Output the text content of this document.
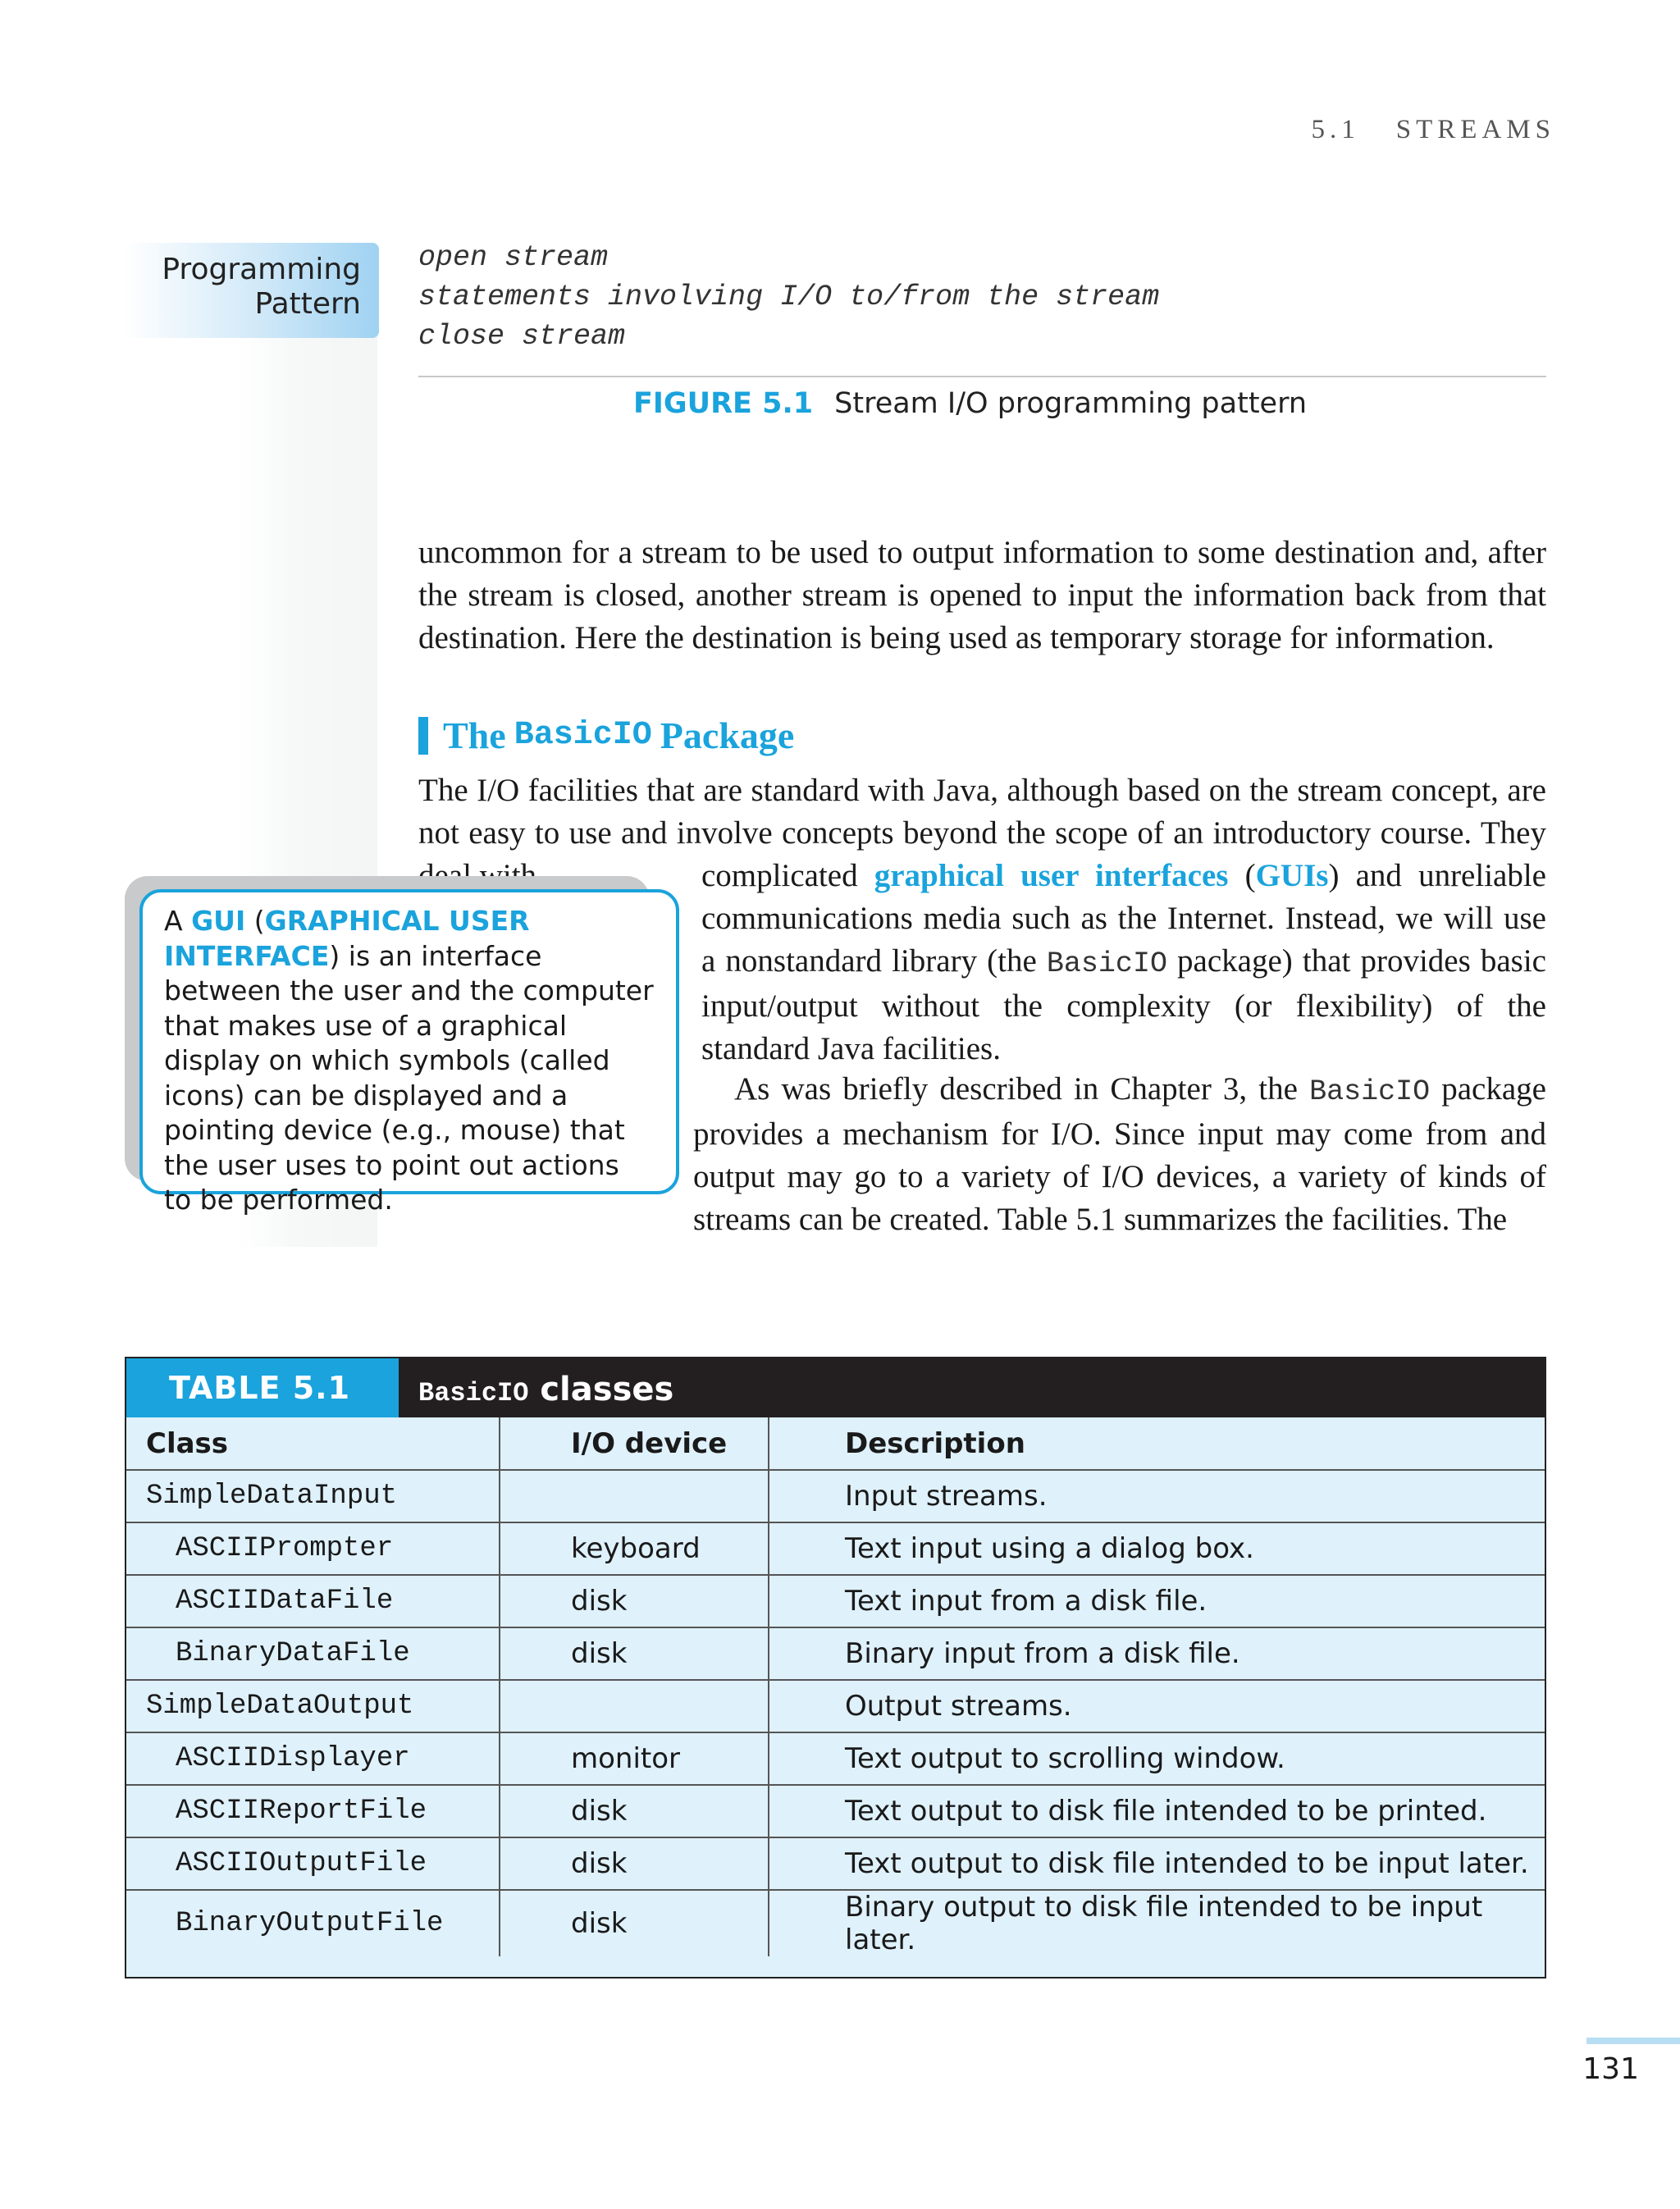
5.1 STREAMS
Programming
Pattern
open stream
statements involving I/O to/from the stream
close stream
FIGURE 5.1 Stream I/O programming pattern
uncommon for a stream to be used to output information to some destination and, after the stream is closed, another stream is opened to input the information back from that destination. Here the destination is being used as temporary storage for information.
The BasicIO Package
The I/O facilities that are standard with Java, although based on the stream concept, are not easy to use and involve concepts beyond the scope of an introductory course. They
complicated graphical user interfaces (GUIs) and unreliable communications media such as the Internet. Instead, we will use a nonstandard library (the BasicIO package) that provides basic input/output without the complexity (or flexibility) of the standard Java facilities.
As was briefly described in Chapter 3, the BasicIO package provides a mechanism for I/O. Since input may come from and output may go to a variety of I/O devices, a variety of kinds of streams can be created. Table 5.1 summarizes the facilities. The
A GUI (GRAPHICAL USER INTERFACE) is an interface between the user and the computer that makes use of a graphical display on which symbols (called icons) can be displayed and a pointing device (e.g., mouse) that the user uses to point out actions to be performed.
TABLE 5.1	BasicIO classes
Class	I/O device	Description
SimpleDataInput		Input streams.
ASCIIPrompter	keyboard	Text input using a dialog box.
ASCIIDataFile	disk	Text input from a disk file.
BinaryDataFile	disk	Binary input from a disk file.
SimpleDataOutput		Output streams.
ASCIIDisplayer	monitor	Text output to scrolling window.
ASCIIReportFile	disk	Text output to disk file intended to be printed.
ASCIIOutputFile	disk	Text output to disk file intended to be input later.
BinaryOutputFile	disk	Binary output to disk file intended to be input later.
131
